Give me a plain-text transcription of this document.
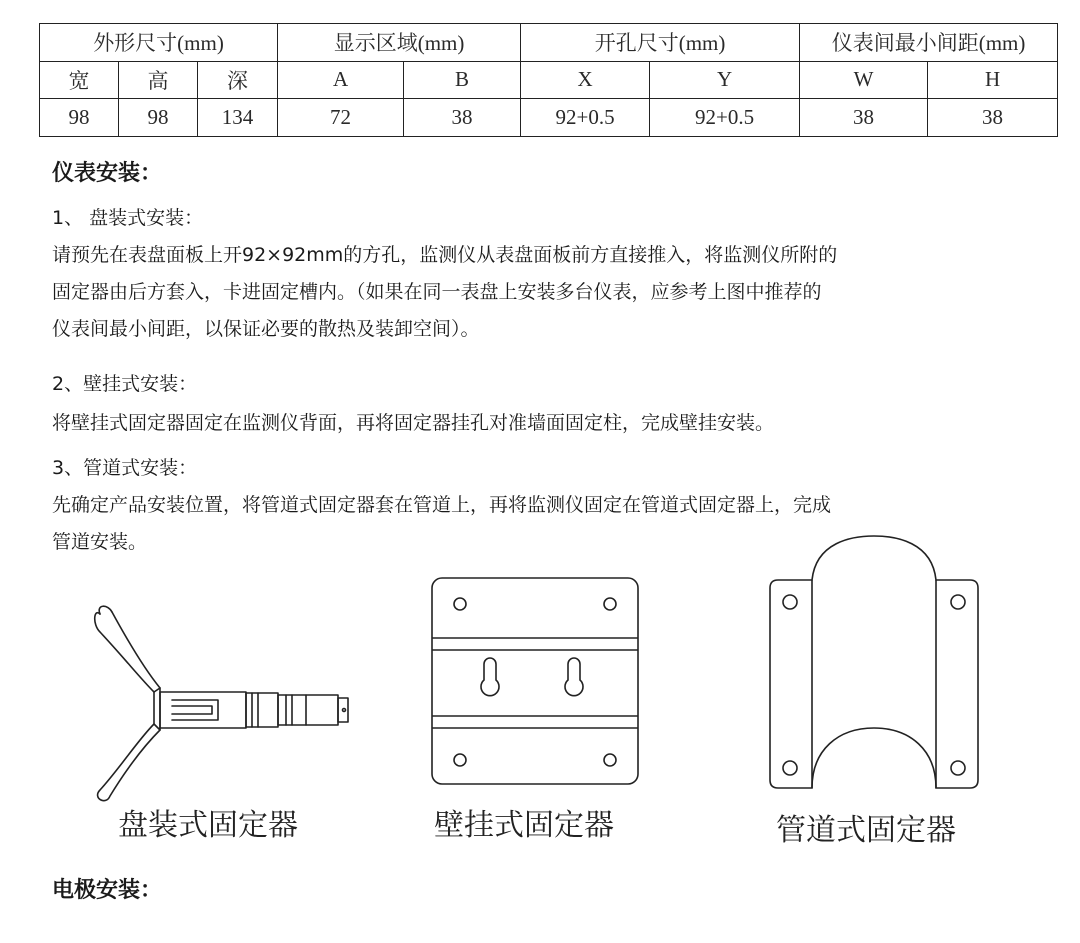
外形尺寸(mm)			显示区域(mm)		开孔尺寸(mm)		仪表间最小间距(mm)	
宽	高	深	A	B	X	Y	W	H
98	98	134	72	38	92+0.5	92+0.5	38	38
仪表安装：
1、 盘装式安装：
请预先在表盘面板上开92×92mm的方孔，监测仪从表盘面板前方直接推入，将监测仪所附的
固定器由后方套入，卡进固定槽内。（如果在同一表盘上安装多台仪表，应参考上图中推荐的
仪表间最小间距，以保证必要的散热及装卸空间）。
2、壁挂式安装：
将壁挂式固定器固定在监测仪背面，再将固定器挂孔对准墙面固定柱，完成壁挂安装。
3、管道式安装：
先确定产品安装位置，将管道式固定器套在管道上，再将监测仪固定在管道式固定器上，完成
管道安装。
盘装式固定器	壁挂式固定器	管道式固定器
电极安装：
